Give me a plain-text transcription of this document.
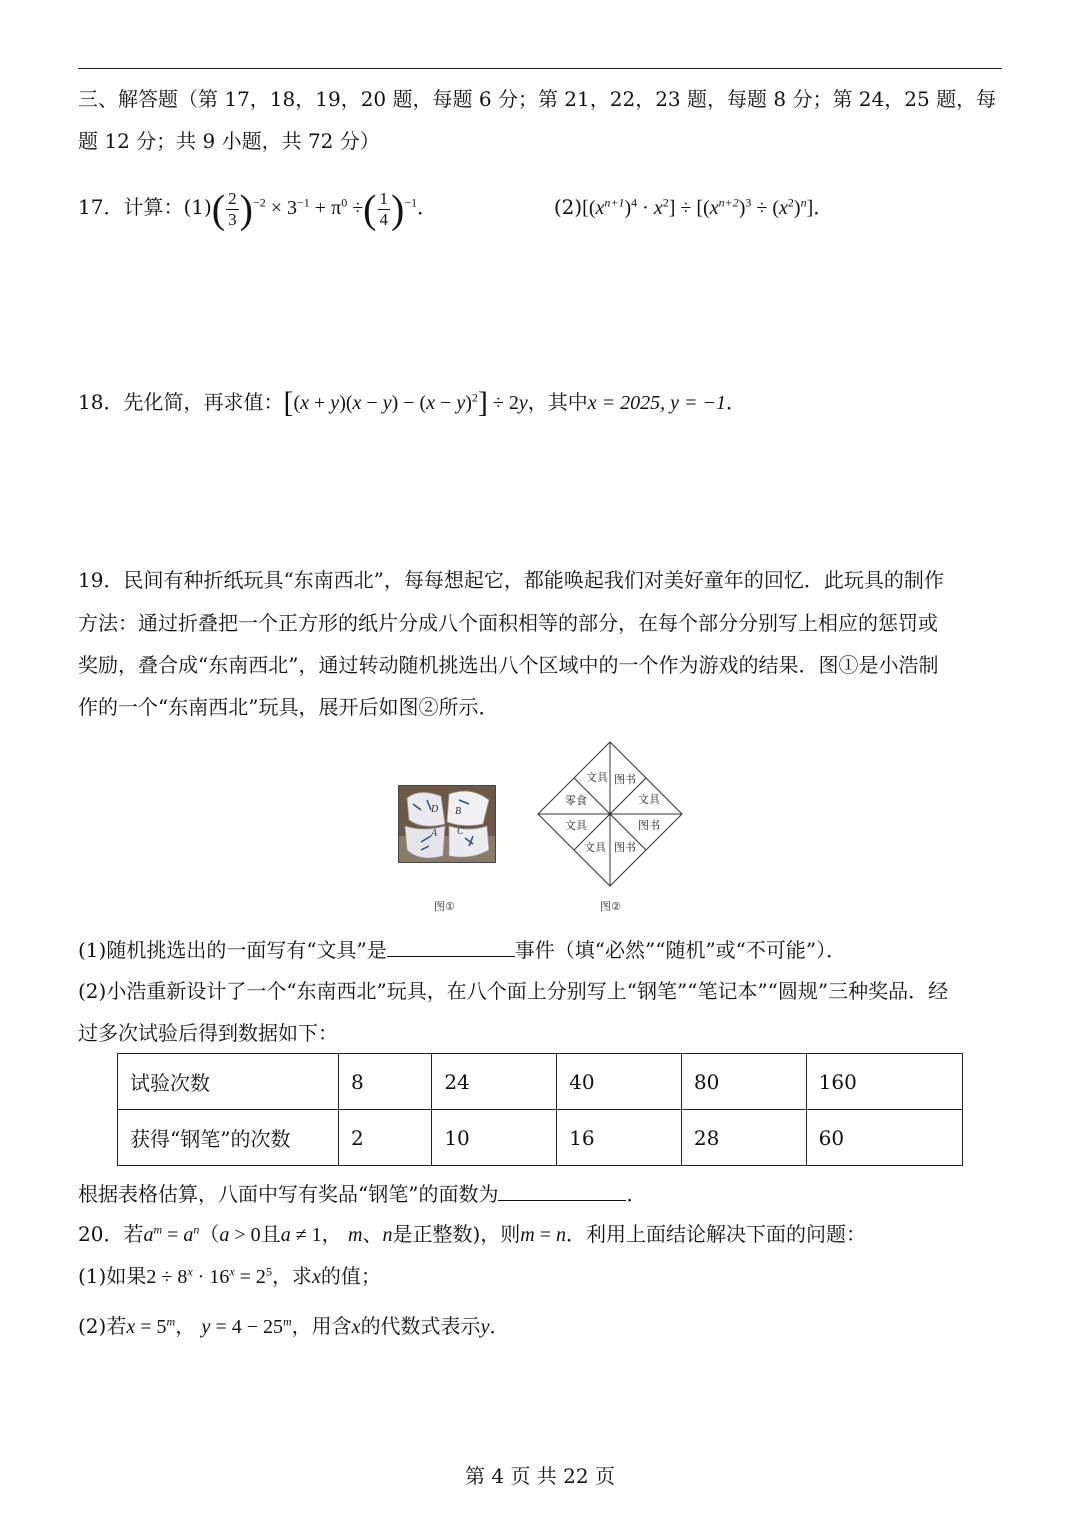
三、解答题（第 17，18，19，20 题，每题 6 分；第 21，22，23 题，每题 8 分；第 24，25 题，每
题 12 分；共 9 小题，共 72 分）
17．计算：$(1)( \frac{2}{3} )^{-2} \times 3^{-1} + \pi^0$ ÷( $\frac{1}{4} )^{-1}$．	$(2)[(x^{n+1})^4 \cdot x^2] \div [(x^{n+2})^3 \div (x^2)^n]$．
18．先化简，再求值：$[(x + y)(x - y) - (x - y)^2] \div 2y$，其中x = 2025, y = −1．
19．民间有种折纸玩具“东南西北”，每每想起它，都能唤起我们对美好童年的回忆．此玩具的制作
方法：通过折叠把一个正方形的纸片分成八个面积相等的部分，在每个部分分别写上相应的惩罚或
奖励，叠合成“东南西北”，通过转动随机挑选出八个区域中的一个作为游戏的结果．图①是小浩制
作的一个“东南西北”玩具，展开后如图②所示．
D B
A C
图①
文具 图书
零食	文具
文具	图书
文具 图书
图②
(1)随机挑选出的一面写有“文具”是	事件（填“必然”“随机”或“不可能”）．
(2)小浩重新设计了一个“东南西北”玩具，在八个面上分别写上“钢笔”“笔记本”“圆规”三种奖品．经
过多次试验后得到数据如下：
试验次数	8	24	40	80	160
获得“钢笔”的次数	2	10	16	28	60
根据表格估算，八面中写有奖品“钢笔”的面数为	．
20．若$a^m = a^n(a > 0$且a ≠ 1， m、n是正整数)，则m = n．利用上面结论解决下面的问题：
(1)如果$2 \div 8^x \cdot 16^x = 2^5$，求x的值；
(2)若$x = 5^m$， $y = 4 - 25^m$，用含x的代数式表示y．
第 4 页 共 22 页
